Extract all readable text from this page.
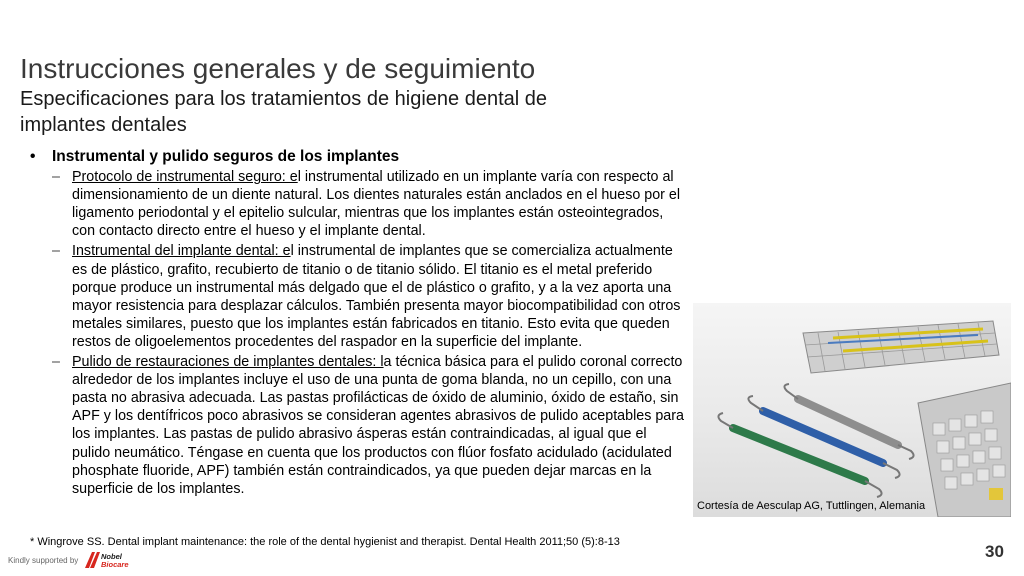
Instrucciones generales y de seguimiento
Especificaciones para los tratamientos de higiene dental de implantes dentales
•	Instrumental y pulido seguros de los implantes
– Protocolo de instrumental seguro: el instrumental utilizado en un implante varía con respecto al dimensionamiento de un diente natural. Los dientes naturales están anclados en el hueso por el ligamento periodontal y el epitelio sulcular, mientras que los implantes están osteointegrados, con contacto directo entre el hueso y el implante dental.
– Instrumental del implante dental: el instrumental de implantes que se comercializa actualmente es de plástico, grafito, recubierto de titanio o de titanio sólido. El titanio es el metal preferido porque produce un instrumental más delgado que el de plástico o grafito, y a la vez aporta una mayor resistencia para desplazar cálculos. También presenta mayor biocompatibilidad con otros metales similares, puesto que los implantes están fabricados en titanio. Esto evita que queden restos de oligoelementos procedentes del raspador en la superficie del implante.
– Pulido de restauraciones de implantes dentales: la técnica básica para el pulido coronal correcto alrededor de los implantes incluye el uso de una punta de goma blanda, no un cepillo, con una pasta no abrasiva adecuada. Las pastas profilácticas de óxido de aluminio, óxido de estaño, sin APF y los dentífricos poco abrasivos se consideran agentes abrasivos de pulido aceptables para los implantes. Las pastas de pulido abrasivo ásperas están contraindicadas, al igual que el pulido neumático. Téngase en cuenta que los productos con flúor fosfato acidulado (acidulated phosphate fluoride, APF) también están contraindicados, ya que pueden dejar marcas en la superficie de los implantes.
Cortesía de Aesculap AG, Tuttlingen, Alemania
* Wingrove SS. Dental implant maintenance: the role of the dental hygienist and therapist. Dental Health 2011;50 (5):8-13	30
Kindly supported by	Nobel
Biocare
